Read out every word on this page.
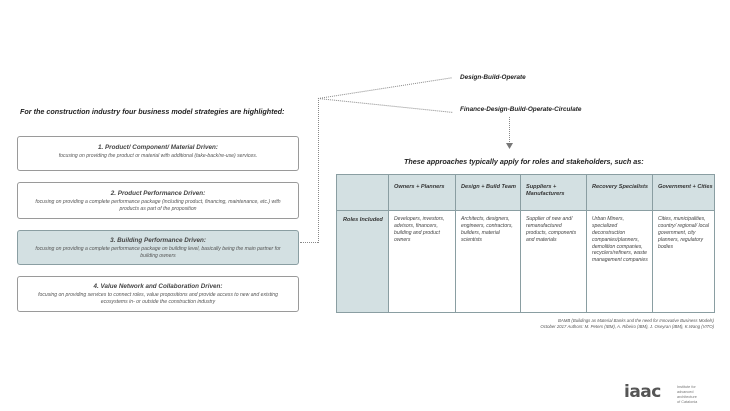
For the construction industry four business model strategies are highlighted:
1. Product/ Component/ Material Driven:
focusing on providing the product or material with additional (take-back/re-use) services.
2. Product Performance Driven:
focusing on providing a complete performance package (including product, financing, maintenance, etc.) with products as part of the proposition
3. Building Performance Driven:
focusing on providing a complete performance package on building level, basically being the main partner for building owners
4. Value Network and Collaboration Driven:
focusing on providing services to connect roles, value propositions and provide access to new and existing ecosystems in- or outside the construction industry
Design-Build-Operate
Finance-Design-Build-Operate-Circulate
These approaches typically apply for roles and stakeholders, such as:
	Owners + Planners	Design + Build Team	Suppliers + Manufacturers	Recovery Specialists	Government + Cities
Roles Included	Developers, investors, advisors, financers, building and product owners	Architects, designers, engineers, contractors, builders, material scientists	Supplier of new and/ remanufactured products, components and materials	Urban Miners, specialized deconstruction companies/planners, demolition companies, recyclers/refiners, waste management companies	Cities, municipalities, country/ regional/ local government, city planners, regulatory bodies
BAMB (Buildings as Material Banks and the need for Innovative Business Models)
October 2017 Authors: M. Peters (IBM), A. Ribeiro (IBM), J. Oseyran (IBM), K.Wang (VITO)
iaac	Institute for
advanced
architecture
of Catalonia
